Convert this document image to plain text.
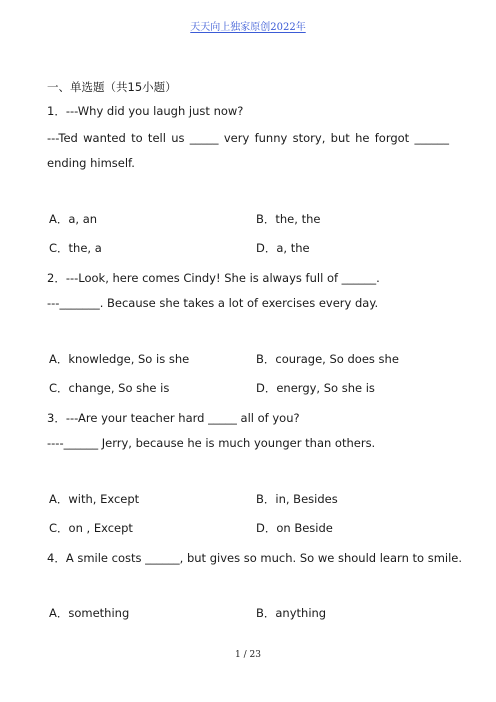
天天向上独家原创2022年
一、单选题（共15小题）
1．---Why did you laugh just now?
---Ted wanted to tell us _____ very funny story, but he forgot ______
ending himself.
A．a, an	B．the, the
C．the, a	D．a, the
2．---Look, here comes Cindy! She is always full of ______.
---_______. Because she takes a lot of exercises every day.
A．knowledge, So is she	B．courage, So does she
C．change, So she is	D．energy, So she is
3．---Are your teacher hard _____ all of you?
----______ Jerry, because he is much younger than others.
A．with, Except	B．in, Besides
C．on , Except	D．on Beside
4．A smile costs ______, but gives so much. So we should learn to smile.
A．something	B．anything
1 / 23
